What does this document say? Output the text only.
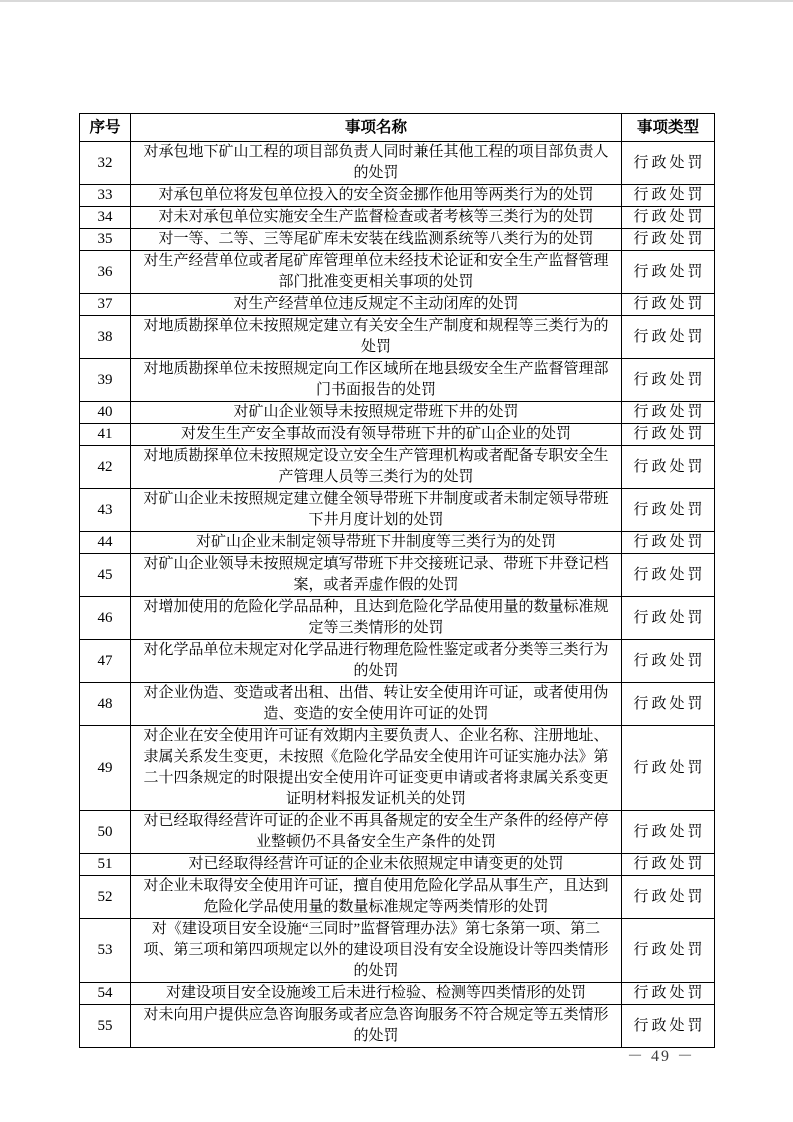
序号	事项名称	事项类型
32	对承包地下矿山工程的项目部负责人同时兼任其他工程的项目部负责人的处罚	行政处罚
33	对承包单位将发包单位投入的安全资金挪作他用等两类行为的处罚	行政处罚
34	对未对承包单位实施安全生产监督检查或者考核等三类行为的处罚	行政处罚
35	对一等、二等、三等尾矿库未安装在线监测系统等八类行为的处罚	行政处罚
36	对生产经营单位或者尾矿库管理单位未经技术论证和安全生产监督管理部门批准变更相关事项的处罚	行政处罚
37	对生产经营单位违反规定不主动闭库的处罚	行政处罚
38	对地质勘探单位未按照规定建立有关安全生产制度和规程等三类行为的处罚	行政处罚
39	对地质勘探单位未按照规定向工作区域所在地县级安全生产监督管理部门书面报告的处罚	行政处罚
40	对矿山企业领导未按照规定带班下井的处罚	行政处罚
41	对发生生产安全事故而没有领导带班下井的矿山企业的处罚	行政处罚
42	对地质勘探单位未按照规定设立安全生产管理机构或者配备专职安全生产管理人员等三类行为的处罚	行政处罚
43	对矿山企业未按照规定建立健全领导带班下井制度或者未制定领导带班下井月度计划的处罚	行政处罚
44	对矿山企业未制定领导带班下井制度等三类行为的处罚	行政处罚
45	对矿山企业领导未按照规定填写带班下井交接班记录、带班下井登记档案，或者弄虚作假的处罚	行政处罚
46	对增加使用的危险化学品品种，且达到危险化学品使用量的数量标准规定等三类情形的处罚	行政处罚
47	对化学品单位未规定对化学品进行物理危险性鉴定或者分类等三类行为的处罚	行政处罚
48	对企业伪造、变造或者出租、出借、转让安全使用许可证，或者使用伪造、变造的安全使用许可证的处罚	行政处罚
49	对企业在安全使用许可证有效期内主要负责人、企业名称、注册地址、隶属关系发生变更，未按照《危险化学品安全使用许可证实施办法》第二十四条规定的时限提出安全使用许可证变更申请或者将隶属关系变更证明材料报发证机关的处罚	行政处罚
50	对已经取得经营许可证的企业不再具备规定的安全生产条件的经停产停业整顿仍不具备安全生产条件的处罚	行政处罚
51	对已经取得经营许可证的企业未依照规定申请变更的处罚	行政处罚
52	对企业未取得安全使用许可证，擅自使用危险化学品从事生产，且达到危险化学品使用量的数量标准规定等两类情形的处罚	行政处罚
53	对《建设项目安全设施“三同时”监督管理办法》第七条第一项、第二项、第三项和第四项规定以外的建设项目没有安全设施设计等四类情形的处罚	行政处罚
54	对建设项目安全设施竣工后未进行检验、检测等四类情形的处罚	行政处罚
55	对未向用户提供应急咨询服务或者应急咨询服务不符合规定等五类情形的处罚	行政处罚
－ 49 －
